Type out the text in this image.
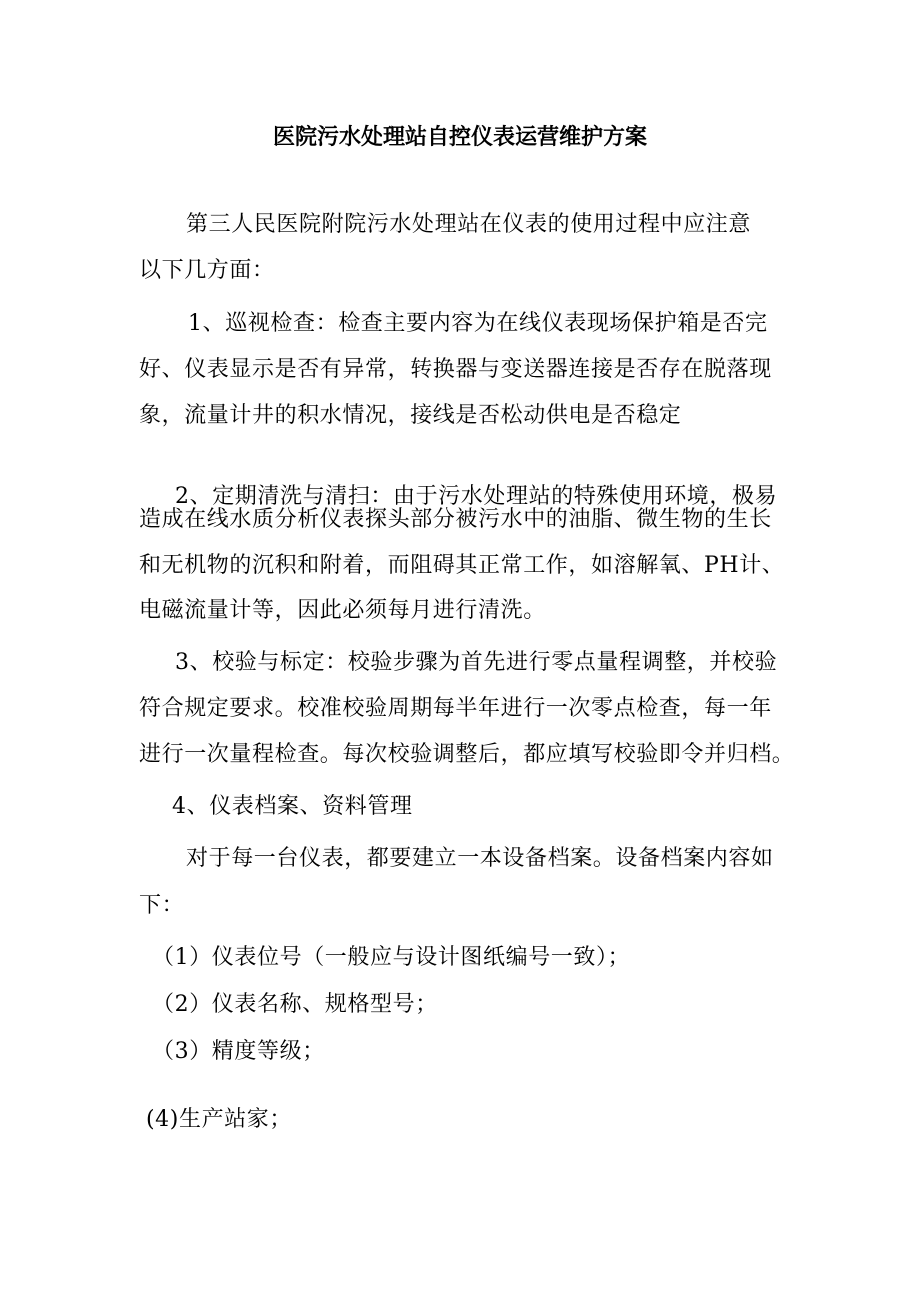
医院污水处理站自控仪表运营维护方案
第三人民医院附院污水处理站在仪表的使用过程中应注意
以下几方面：
1、巡视检查：检查主要内容为在线仪表现场保护箱是否完
好、仪表显示是否有异常，转换器与变送器连接是否存在脱落现
象，流量计井的积水情况，接线是否松动供电是否稳定
2、定期清洗与清扫：由于污水处理站的特殊使用环境，极易
造成在线水质分析仪表探头部分被污水中的油脂、微生物的生长
和无机物的沉积和附着，而阻碍其正常工作，如溶解氧、PH计、
电磁流量计等，因此必须每月进行清洗。
3、校验与标定：校验步骤为首先进行零点量程调整，并校验
符合规定要求。校准校验周期每半年进行一次零点检查，每一年
进行一次量程检查。每次校验调整后，都应填写校验即令并归档。
4、仪表档案、资料管理
对于每一台仪表，都要建立一本设备档案。设备档案内容如
下：
（1）仪表位号（一般应与设计图纸编号一致）；
（2）仪表名称、规格型号；
（3）精度等级；
(4)生产站家；
